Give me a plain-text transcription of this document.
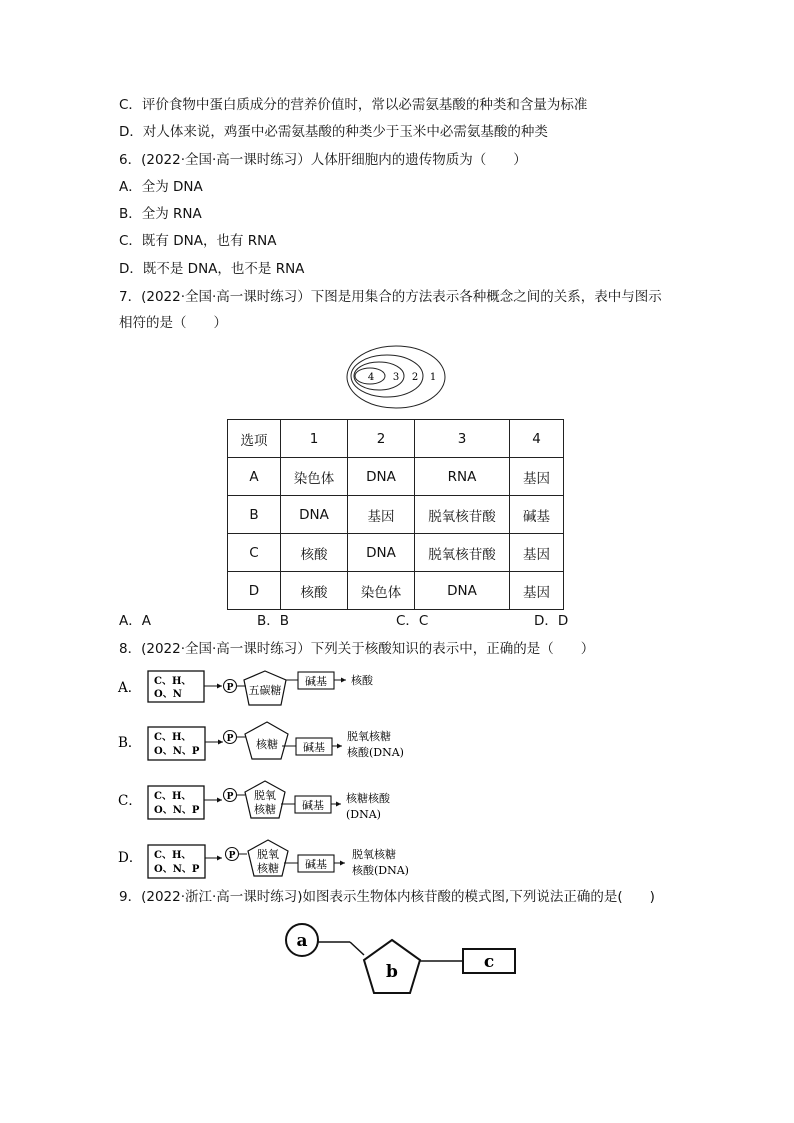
C．评价食物中蛋白质成分的营养价值时，常以必需氨基酸的种类和含量为标准
D．对人体来说，鸡蛋中必需氨基酸的种类少于玉米中必需氨基酸的种类
6．(2022·全国·高一课时练习）人体肝细胞内的遗传物质为（　　）
A．全为 DNA
B．全为 RNA
C．既有 DNA，也有 RNA
D．既不是 DNA，也不是 RNA
7．(2022·全国·高一课时练习）下图是用集合的方法表示各种概念之间的关系，表中与图示
相符的是（　　）
4 3 2 1
选项	1	2	3	4
A	染色体	DNA	RNA	基因
B	DNA	基因	脱氧核苷酸	碱基
C	核酸	DNA	脱氧核苷酸	基因
D	核酸	染色体	DNA	基因
A．A	B．B	C．C	D．D
8．(2022·全国·高一课时练习）下列关于核酸知识的表示中，正确的是（　　）
A． C、H、
O、N
P 五碳糖
碱基 核酸
B． C、H、
O、N、P
P 核糖 碱基
脱氧核糖
核酸(DNA)
C． C、H、
O、N、P
P 脱氧
核糖 碱基
核糖核酸
(DNA)
D． C、H、
O、N、P
P 脱氧
核糖 碱基
脱氧核糖
核酸(DNA)
9．(2022·浙江·高一课时练习)如图表示生物体内核苷酸的模式图,下列说法正确的是(　　)
a
b	c
